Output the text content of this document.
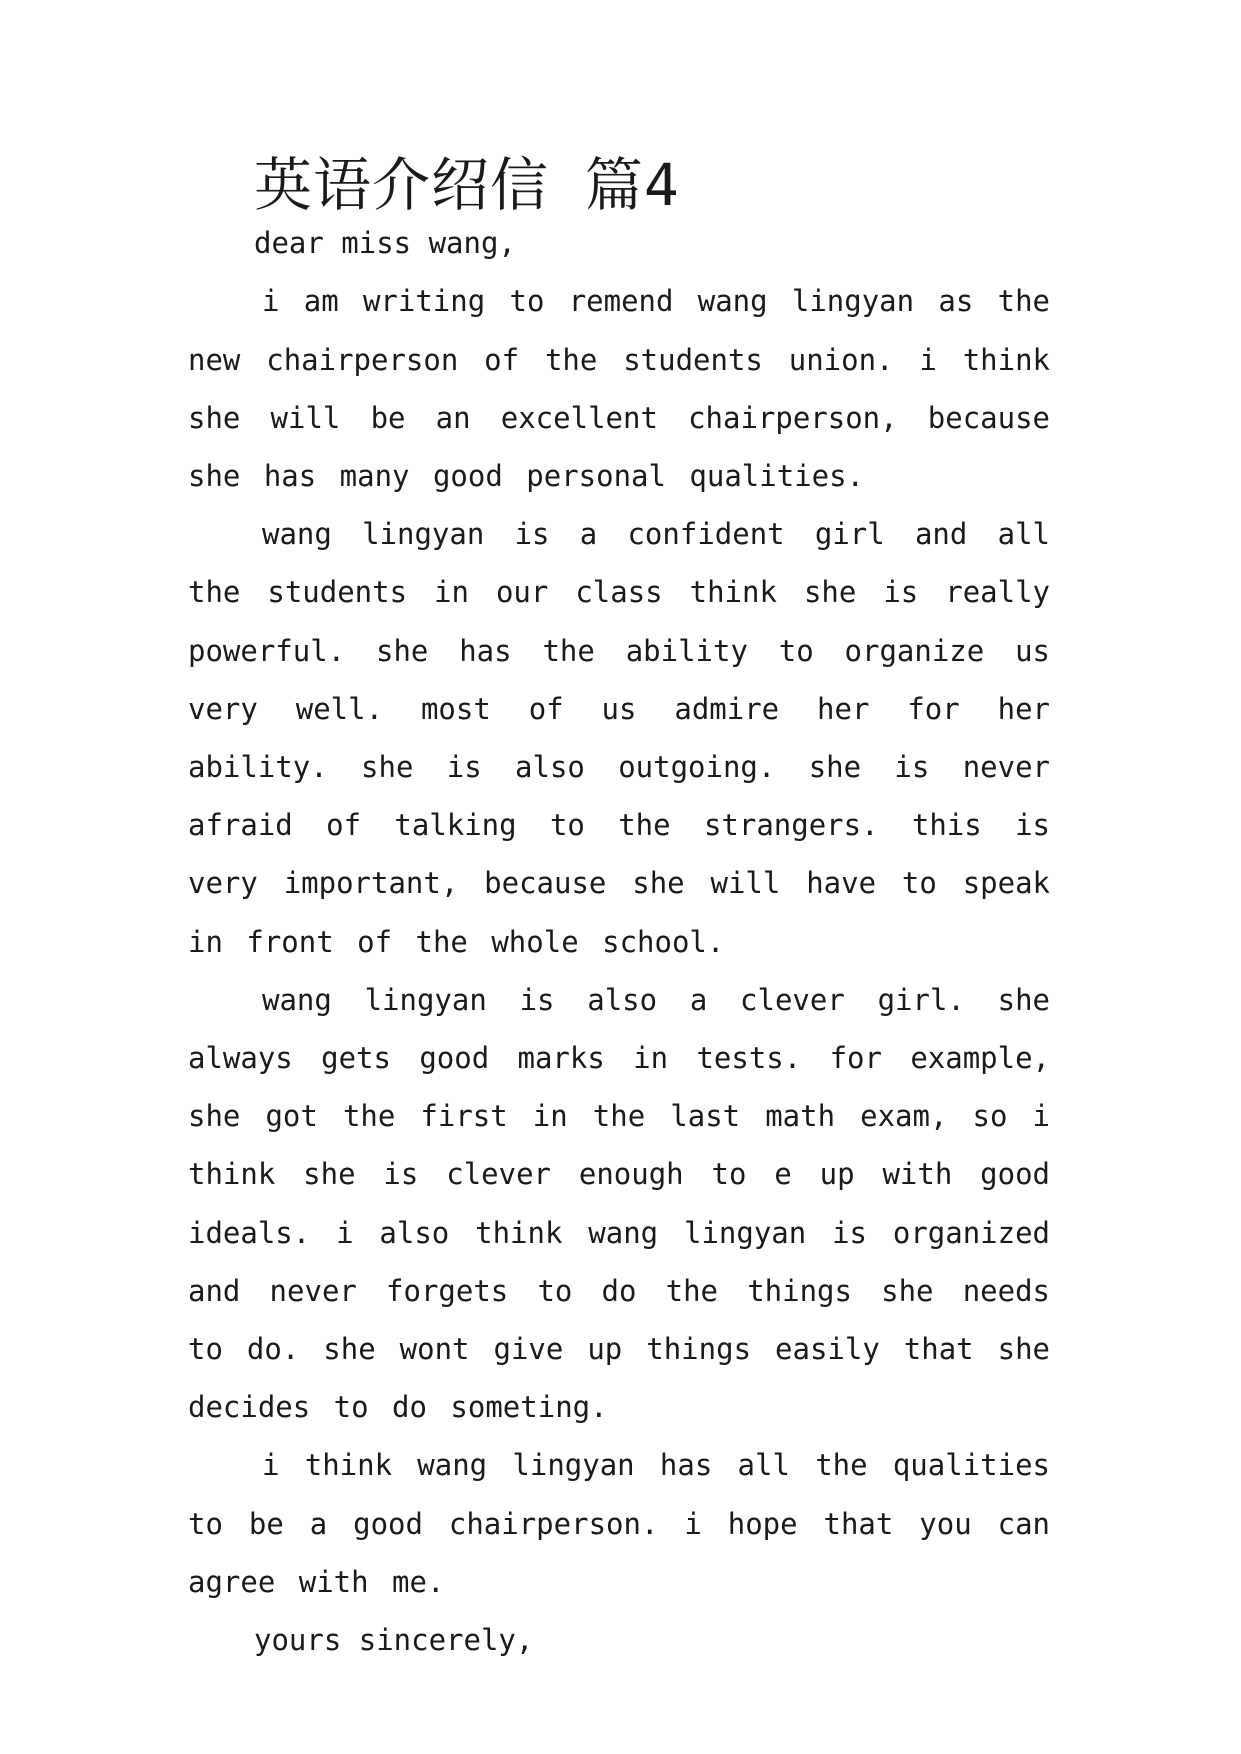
英语介绍信 篇4

dear miss wang,

i am writing to remend wang lingyan as the new chairperson of the students union. i think she will be an excellent chairperson, because she has many good personal qualities.

wang lingyan is a confident girl and all the students in our class think she is really powerful. she has the ability to organize us very well. most of us admire her for her ability. she is also outgoing. she is never afraid of talking to the strangers. this is very important, because she will have to speak in front of the whole school.

wang lingyan is also a clever girl. she always gets good marks in tests. for example, she got the first in the last math exam, so i think she is clever enough to e up with good ideals. i also think wang lingyan is organized and never forgets to do the things she needs to do. she wont give up things easily that she decides to do someting.

i think wang lingyan has all the qualities to be a good chairperson. i hope that you can agree with me.

yours sincerely,
